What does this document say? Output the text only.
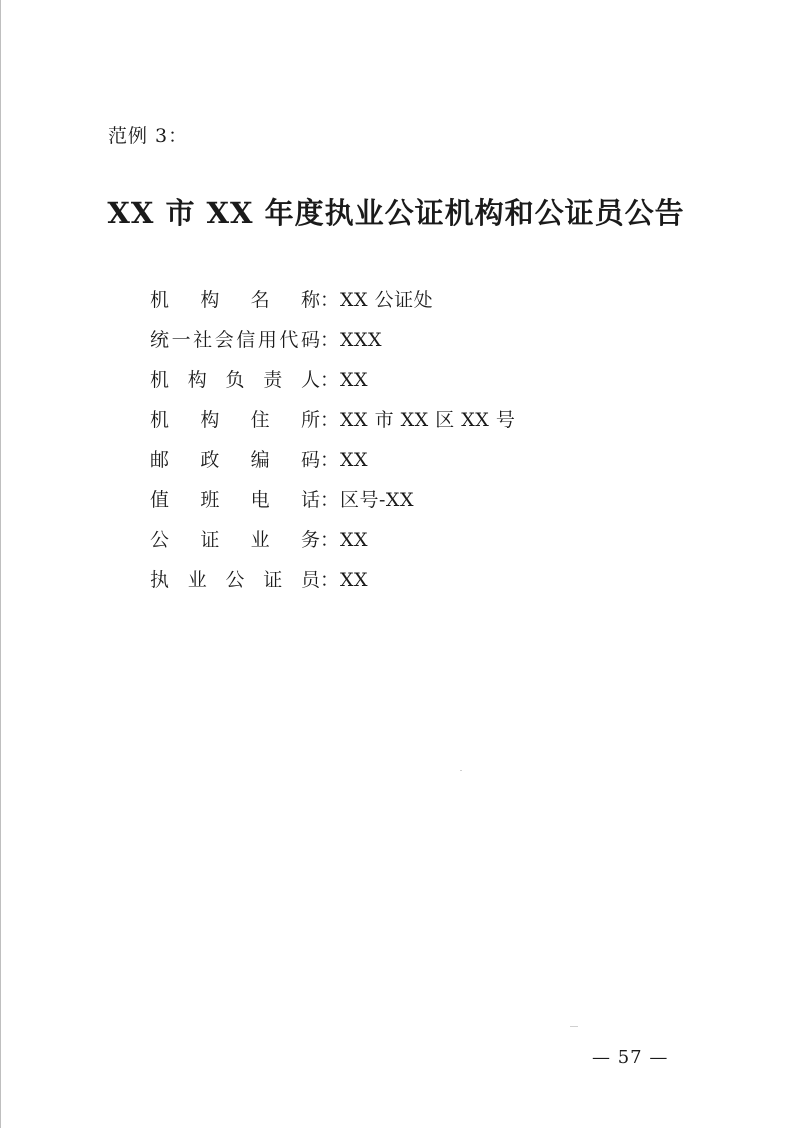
范例 3：
XX 市 XX 年度执业公证机构和公证员公告
机 构 名 称 ： XX 公证处
统 一 社 会 信 用 代 码 ： XXX
机 构 负 责 人 ： XX
机 构 住 所 ： XX 市 XX 区 XX 号
邮 政 编 码 ： XX
值 班 电 话 ： 区号-XX
公 证 业 务 ： XX
执 业 公 证 员 ： XX
— 57 —
